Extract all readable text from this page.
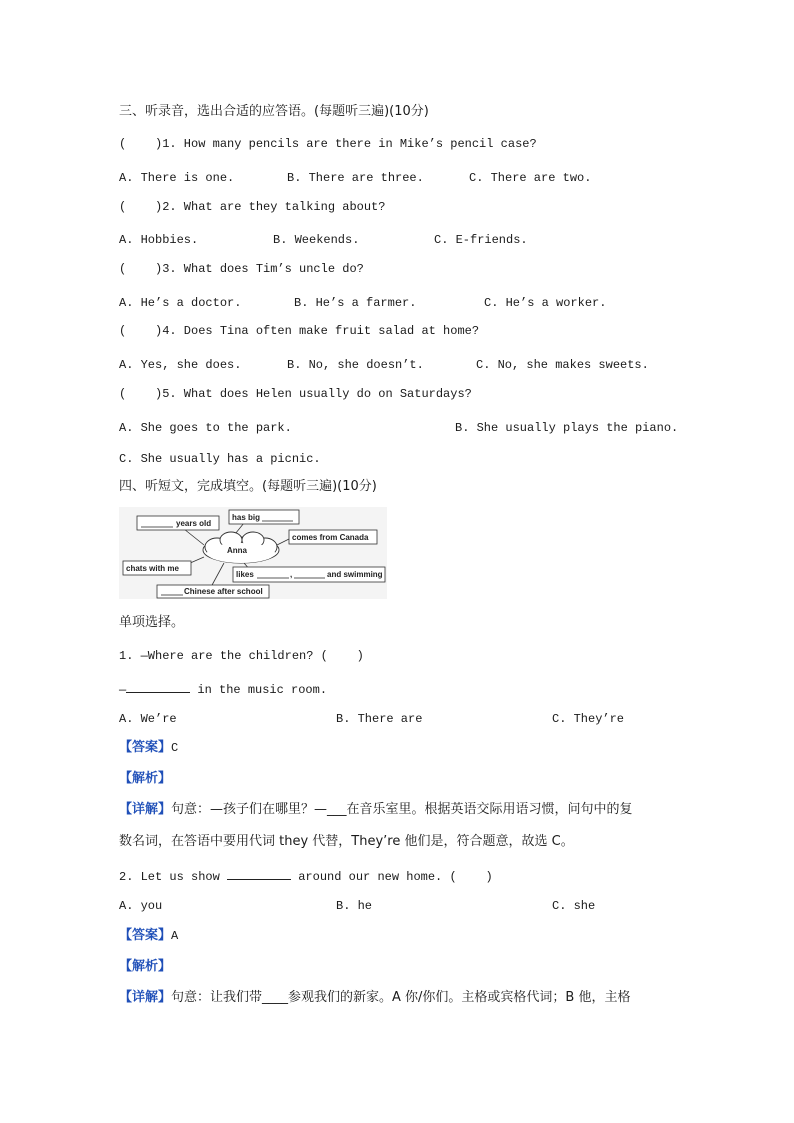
三、听录音，选出合适的应答语。(每题听三遍)(10分)
(    )1. How many pencils are there in Mike’s pencil case?
A. There is one.	B. There are three.	C. There are two.
(    )2. What are they talking about?
A. Hobbies.	B. Weekends.	C. E-friends.
(    )3. What does Tim’s uncle do?
A. He’s a doctor.	B. He’s a farmer.	C. He’s a worker.
(    )4. Does Tina often make fruit salad at home?
A. Yes, she does.	B. No, she doesn’t.	C. No, she makes sweets.
(    )5. What does Helen usually do on Saturdays?
A. She goes to the park.	B. She usually plays the piano.
C. She usually has a picnic.
四、听短文，完成填空。(每题听三遍)(10分)
Anna
years old
has big
comes from Canada
chats with me
likes	,	and swimming
Chinese after school
单项选择。
1. —Where are the children? (    )
—	in the music room.
A. We’re	B. There are	C. They’re
【答案】C
【解析】
【详解】句意：—孩子们在哪里？—___在音乐室里。根据英语交际用语习惯，问句中的复
数名词，在答语中要用代词 they 代替，They’re 他们是，符合题意，故选 C。
2. Let us show	around our new home. (    )
A. you	B. he	C. she
【答案】A
【解析】
【详解】句意：让我们带____参观我们的新家。A 你/你们。主格或宾格代词；B 他，主格
